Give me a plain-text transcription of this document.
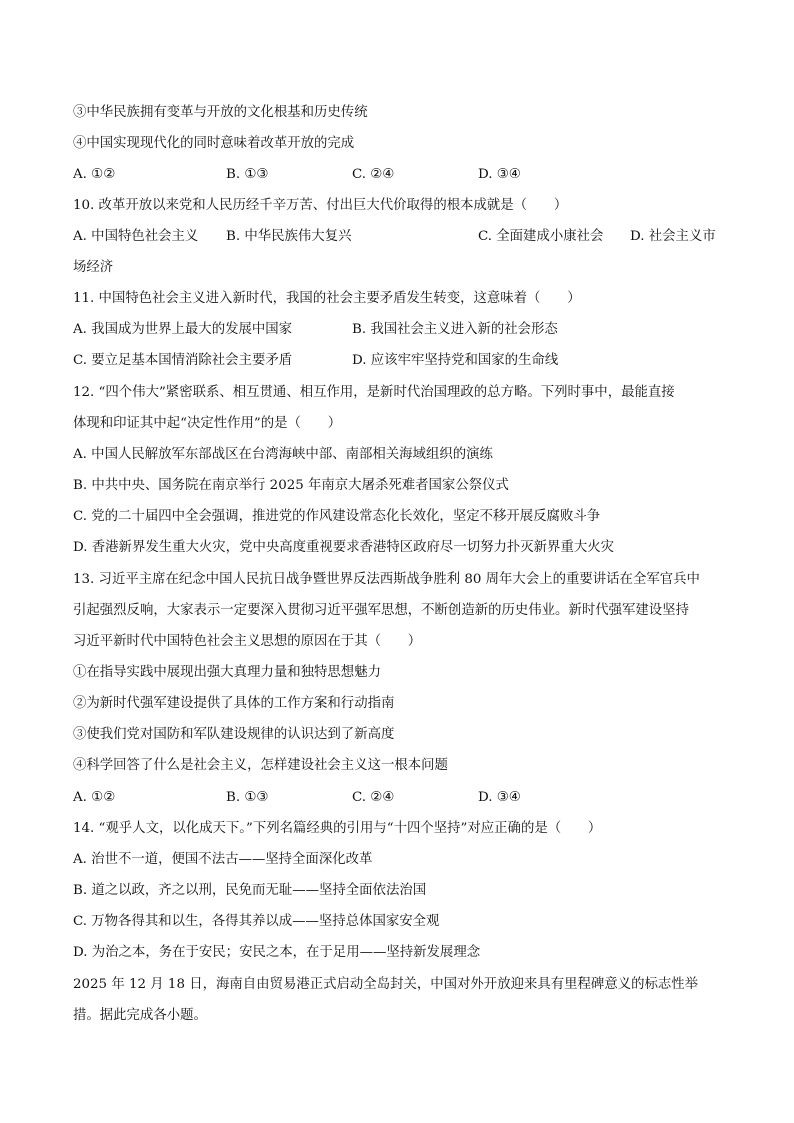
③中华民族拥有变革与开放的文化根基和历史传统

④中国实现现代化的同时意味着改革开放的完成

A. ①②	B. ①③	C. ②④	D. ③④

10. 改革开放以来党和人民历经千辛万苦、付出巨大代价取得的根本成就是（　　）

A. 中国特色社会主义 B. 中华民族伟大复兴	C. 全面建成小康社会 D. 社会主义市

场经济

11. 中国特色社会主义进入新时代，我国的社会主要矛盾发生转变，这意味着（　　）

A. 我国成为世界上最大的发展中国家	B. 我国社会主义进入新的社会形态
C. 要立足基本国情消除社会主要矛盾	D. 应该牢牢坚持党和国家的生命线

12. “四个伟大”紧密联系、相互贯通、相互作用，是新时代治国理政的总方略。下列时事中，最能直接

体现和印证其中起“决定性作用”的是（　　）

A. 中国人民解放军东部战区在台湾海峡中部、南部相关海域组织的演练

B. 中共中央、国务院在南京举行 2025 年南京大屠杀死难者国家公祭仪式

C. 党的二十届四中全会强调，推进党的作风建设常态化长效化，坚定不移开展反腐败斗争

D. 香港新界发生重大火灾，党中央高度重视要求香港特区政府尽一切努力扑灭新界重大火灾

13. 习近平主席在纪念中国人民抗日战争暨世界反法西斯战争胜利 80 周年大会上的重要讲话在全军官兵中

引起强烈反响，大家表示一定要深入贯彻习近平强军思想，不断创造新的历史伟业。新时代强军建设坚持

习近平新时代中国特色社会主义思想的原因在于其（　　）

①在指导实践中展现出强大真理力量和独特思想魅力

②为新时代强军建设提供了具体的工作方案和行动指南

③使我们党对国防和军队建设规律的认识达到了新高度

④科学回答了什么是社会主义，怎样建设社会主义这一根本问题

A. ①②	B. ①③	C. ②④	D. ③④

14. “观乎人文，以化成天下。”下列名篇经典的引用与“十四个坚持”对应正确的是（　　）

A. 治世不一道，便国不法古——坚持全面深化改革

B. 道之以政，齐之以刑，民免而无耻——坚持全面依法治国

C. 万物各得其和以生，各得其养以成——坚持总体国家安全观

D. 为治之本，务在于安民；安民之本，在于足用——坚持新发展理念

2025 年 12 月 18 日，海南自由贸易港正式启动全岛封关，中国对外开放迎来具有里程碑意义的标志性举

措。据此完成各小题。
